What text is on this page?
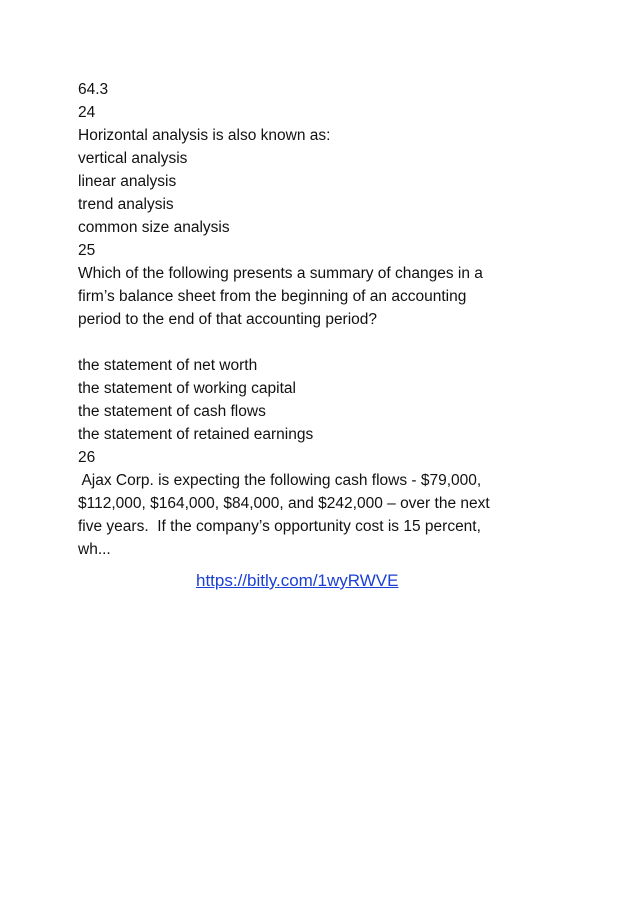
64.3
24
Horizontal analysis is also known as:
vertical analysis
linear analysis
trend analysis
common size analysis
25
Which of the following presents a summary of changes in a
firm’s balance sheet from the beginning of an accounting
period to the end of that accounting period?
the statement of net worth
the statement of working capital
the statement of cash flows
the statement of retained earnings
26
Ajax Corp. is expecting the following cash flows - $79,000,
$112,000, $164,000, $84,000, and $242,000 – over the next
five years.  If the company’s opportunity cost is 15 percent,
wh...
https://bitly.com/1wyRWVE
